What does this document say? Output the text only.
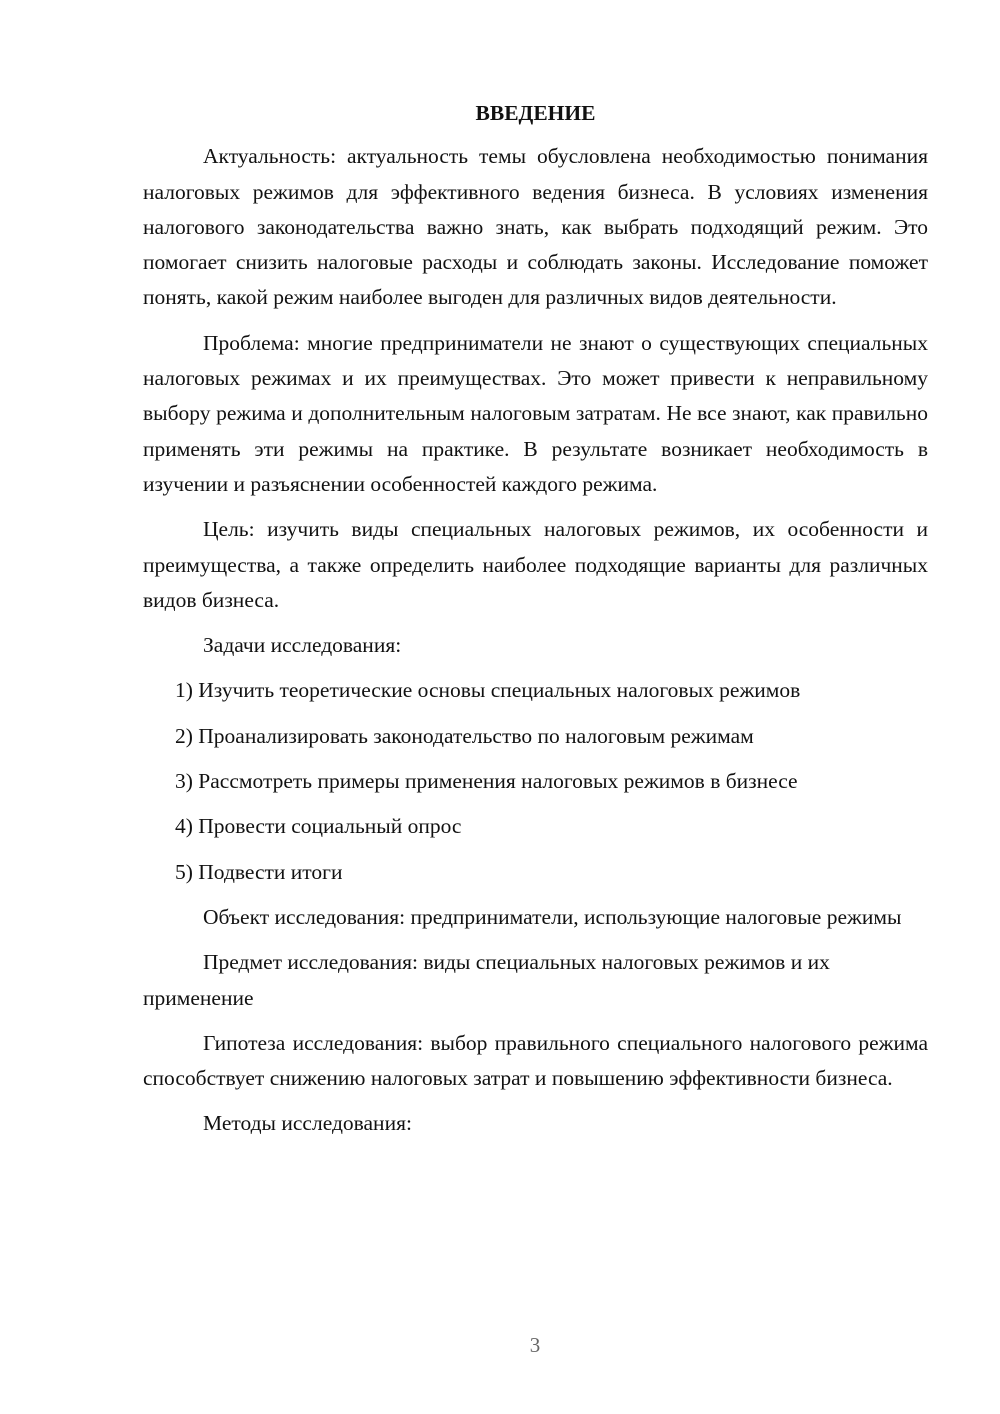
ВВЕДЕНИЕ

Актуальность: актуальность темы обусловлена необходимостью понимания налоговых режимов для эффективного ведения бизнеса. В условиях изменения налогового законодательства важно знать, как выбрать подходящий режим. Это помогает снизить налоговые расходы и соблюдать законы. Исследование поможет понять, какой режим наиболее выгоден для различных видов деятельности.

Проблема: многие предприниматели не знают о существующих специальных налоговых режимах и их преимуществах. Это может привести к неправильному выбору режима и дополнительным налоговым затратам. Не все знают, как правильно применять эти режимы на практике. В результате возникает необходимость в изучении и разъяснении особенностей каждого режима.

Цель: изучить виды специальных налоговых режимов, их особенности и преимущества, а также определить наиболее подходящие варианты для различных видов бизнеса.

Задачи исследования:

1) Изучить теоретические основы специальных налоговых режимов
2) Проанализировать законодательство по налоговым режимам
3) Рассмотреть примеры применения налоговых режимов в бизнесе
4) Провести социальный опрос
5) Подвести итоги

Объект исследования: предприниматели, использующие налоговые режимы

Предмет исследования: виды специальных налоговых режимов и их применение

Гипотеза исследования: выбор правильного специального налогового режима способствует снижению налоговых затрат и повышению эффективности бизнеса.

Методы исследования:

3
